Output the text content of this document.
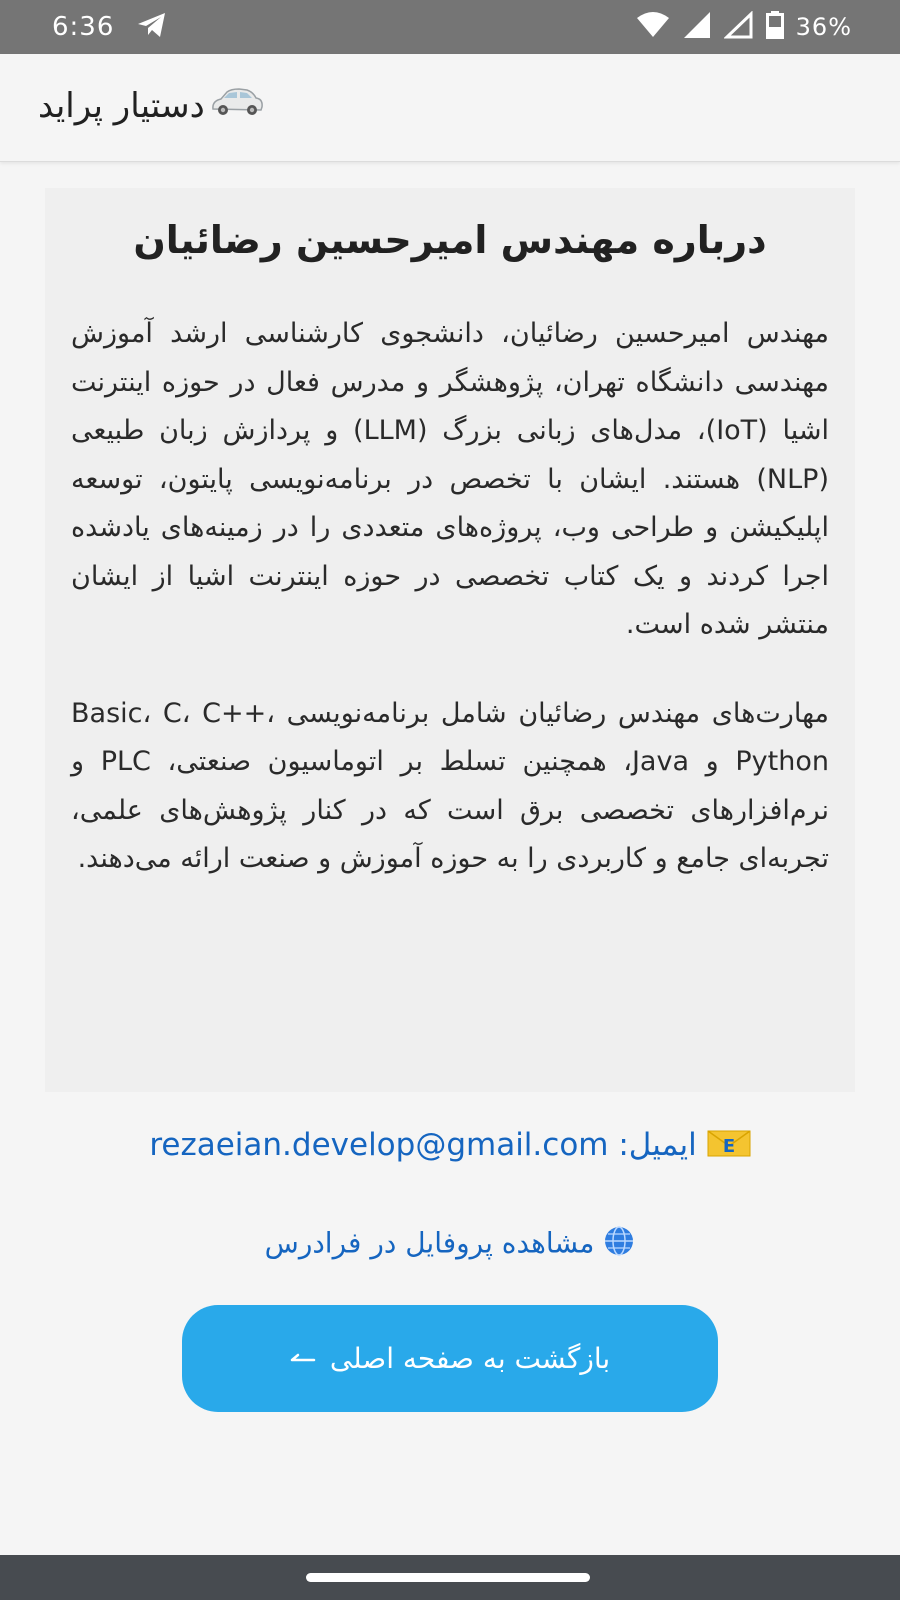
6:36	36%
دستیار پراید
درباره مهندس امیرحسین رضائیان

مهندس امیرحسین رضائیان، دانشجوی کارشناسی ارشد آموزش مهندسی دانشگاه تهران، پژوهشگر و مدرس فعال در حوزه اینترنت اشیا (IoT)، مدل‌های زبانی بزرگ (LLM) و پردازش زبان طبیعی (NLP) هستند. ایشان با تخصص در برنامه‌نویسی پایتون، توسعه اپلیکیشن و طراحی وب، پروژه‌های متعددی را در زمینه‌های یادشده اجرا کردند و یک کتاب تخصصی در حوزه اینترنت اشیا از ایشان منتشر شده است.

مهارت‌های مهندس رضائیان شامل برنامه‌نویسی Basic، C، C++، Python و Java، همچنین تسلط بر اتوماسیون صنعتی، PLC و نرم‌افزارهای تخصصی برق است که در کنار پژوهش‌های علمی، تجربه‌ای جامع و کاربردی را به حوزه آموزش و صنعت ارائه می‌دهند.

E
ایمیل: rezaeian.develop@gmail.com
مشاهده پروفایل در فرادرس
بازگشت به صفحه اصلی
